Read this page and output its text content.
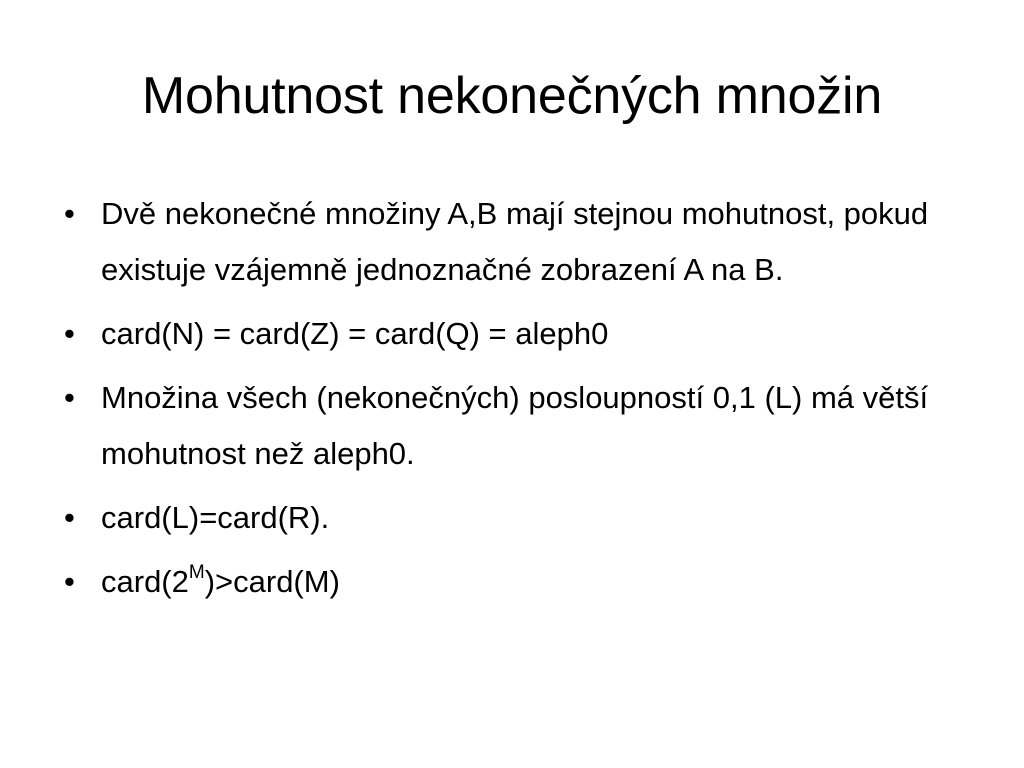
Mohutnost nekonečných množin
• Dvě nekonečné množiny A,B mají stejnou mohutnost, pokud existuje vzájemně jednoznačné zobrazení A na B.
• card(N) = card(Z) = card(Q) = aleph0
• Množina všech (nekonečných) posloupností 0,1 (L) má větší mohutnost než aleph0.
• card(L)=card(R).
• $card(2^M)>card(M)$
